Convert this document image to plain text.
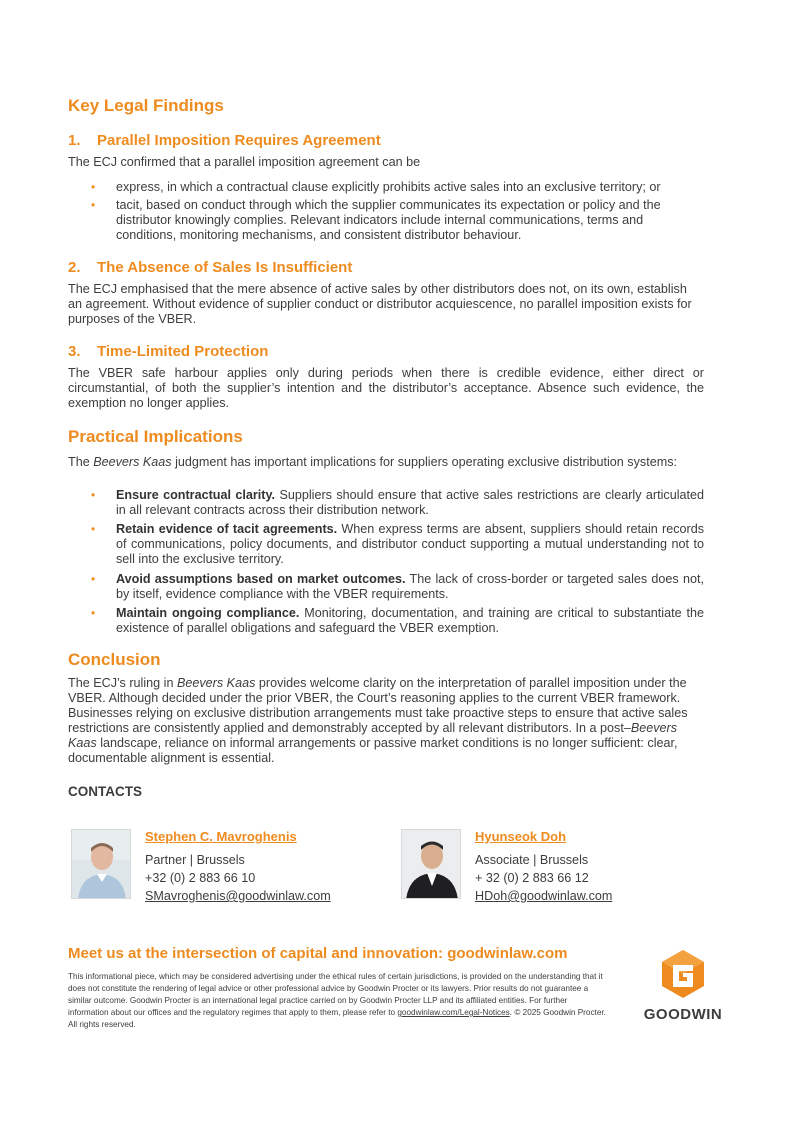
Key Legal Findings
1.	Parallel Imposition Requires Agreement

The ECJ confirmed that a parallel imposition agreement can be

• express, in which a contractual clause explicitly prohibits active sales into an exclusive territory; or
• tacit, based on conduct through which the supplier communicates its expectation or policy and the distributor knowingly complies. Relevant indicators include internal communications, terms and conditions, monitoring mechanisms, and consistent distributor behaviour.
2.	The Absence of Sales Is Insufficient

The ECJ emphasised that the mere absence of active sales by other distributors does not, on its own, establish an agreement. Without evidence of supplier conduct or distributor acquiescence, no parallel imposition exists for purposes of the VBER.

3.	Time-Limited Protection

The VBER safe harbour applies only during periods when there is credible evidence, either direct or circumstantial, of both the supplier’s intention and the distributor’s acceptance. Absence such evidence, the exemption no longer applies.

Practical Implications

The Beevers Kaas judgment has important implications for suppliers operating exclusive distribution systems:

• Ensure contractual clarity. Suppliers should ensure that active sales restrictions are clearly articulated in all relevant contracts across their distribution network.
• Retain evidence of tacit agreements. When express terms are absent, suppliers should retain records of communications, policy documents, and distributor conduct supporting a mutual understanding not to sell into the exclusive territory.
• Avoid assumptions based on market outcomes. The lack of cross-border or targeted sales does not, by itself, evidence compliance with the VBER requirements.
• Maintain ongoing compliance. Monitoring, documentation, and training are critical to substantiate the existence of parallel obligations and safeguard the VBER exemption.
Conclusion

The ECJ’s ruling in Beevers Kaas provides welcome clarity on the interpretation of parallel imposition under the VBER. Although decided under the prior VBER, the Court’s reasoning applies to the current VBER framework. Businesses relying on exclusive distribution arrangements must take proactive steps to ensure that active sales restrictions are consistently applied and demonstrably accepted by all relevant distributors. In a post–Beevers Kaas landscape, reliance on informal arrangements or passive market conditions is no longer sufficient: clear, documentable alignment is essential.

CONTACTS

Stephen C. Mavroghenis
Partner | Brussels
+32 (0) 2 883 66 10
SMavroghenis@goodwinlaw.com
Hyunseok Doh
Associate | Brussels
+ 32 (0) 2 883 66 12
HDoh@goodwinlaw.com
Meet us at the intersection of capital and innovation: goodwinlaw.com
This informational piece, which may be considered advertising under the ethical rules of certain jurisdictions, is provided on the understanding that it does not constitute the rendering of legal advice or other professional advice by Goodwin Procter or its lawyers. Prior results do not guarantee a similar outcome. Goodwin Procter is an international legal practice carried on by Goodwin Procter LLP and its affiliated entities. For further information about our offices and the regulatory regimes that apply to them, please refer to goodwinlaw.com/Legal-Notices. © 2025 Goodwin Procter. All rights reserved.
GOODWIN
